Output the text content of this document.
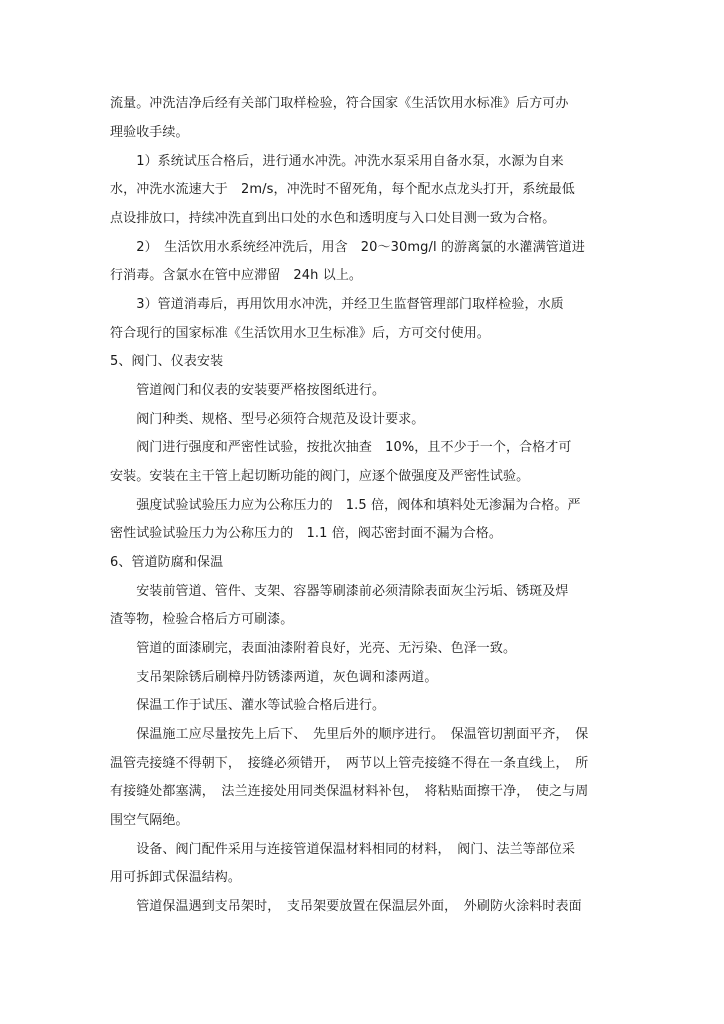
流量。冲洗洁净后经有关部门取样检验，符合国家《生活饮用水标准》后方可办
理验收手续。
　　1）系统试压合格后，进行通水冲洗。冲洗水泵采用自备水泵，水源为自来
水，冲洗水流速大于　2m/s，冲洗时不留死角，每个配水点龙头打开，系统最低
点设排放口，持续冲洗直到出口处的水色和透明度与入口处目测一致为合格。
　　2）　生活饮用水系统经冲洗后，用含　20～30mg/l 的游离氯的水灌满管道进
行消毒。含氯水在管中应滞留　24h 以上。
　　3）管道消毒后，再用饮用水冲洗，并经卫生监督管理部门取样检验，水质
符合现行的国家标准《生活饮用水卫生标准》后，方可交付使用。
5、阀门、仪表安装
　　管道阀门和仪表的安装要严格按图纸进行。
　　阀门种类、规格、型号必须符合规范及设计要求。
　　阀门进行强度和严密性试验，按批次抽查　10%，且不少于一个，合格才可
安装。安装在主干管上起切断功能的阀门，应逐个做强度及严密性试验。
　　强度试验试验压力应为公称压力的　1.5 倍，阀体和填料处无渗漏为合格。严
密性试验试验压力为公称压力的　1.1 倍，阀芯密封面不漏为合格。
6、管道防腐和保温
　　安装前管道、管件、支架、容器等刷漆前必须清除表面灰尘污垢、锈斑及焊
渣等物，检验合格后方可刷漆。
　　管道的面漆刷完，表面油漆附着良好，光亮、无污染、色泽一致。
　　支吊架除锈后刷樟丹防锈漆两道，灰色调和漆两道。
　　保温工作于试压、灌水等试验合格后进行。
　　保温施工应尽量按先上后下、　先里后外的顺序进行。　保温管切割面平齐，　保
温管壳接缝不得朝下，　接缝必须错开，　两节以上管壳接缝不得在一条直线上，　所
有接缝处都塞满，　法兰连接处用同类保温材料补包，　将粘贴面擦干净，　使之与周
围空气隔绝。
　　设备、阀门配件采用与连接管道保温材料相同的材料，　阀门、法兰等部位采
用可拆卸式保温结构。
　　管道保温遇到支吊架时，　支吊架要放置在保温层外面，　外刷防火涂料时表面
